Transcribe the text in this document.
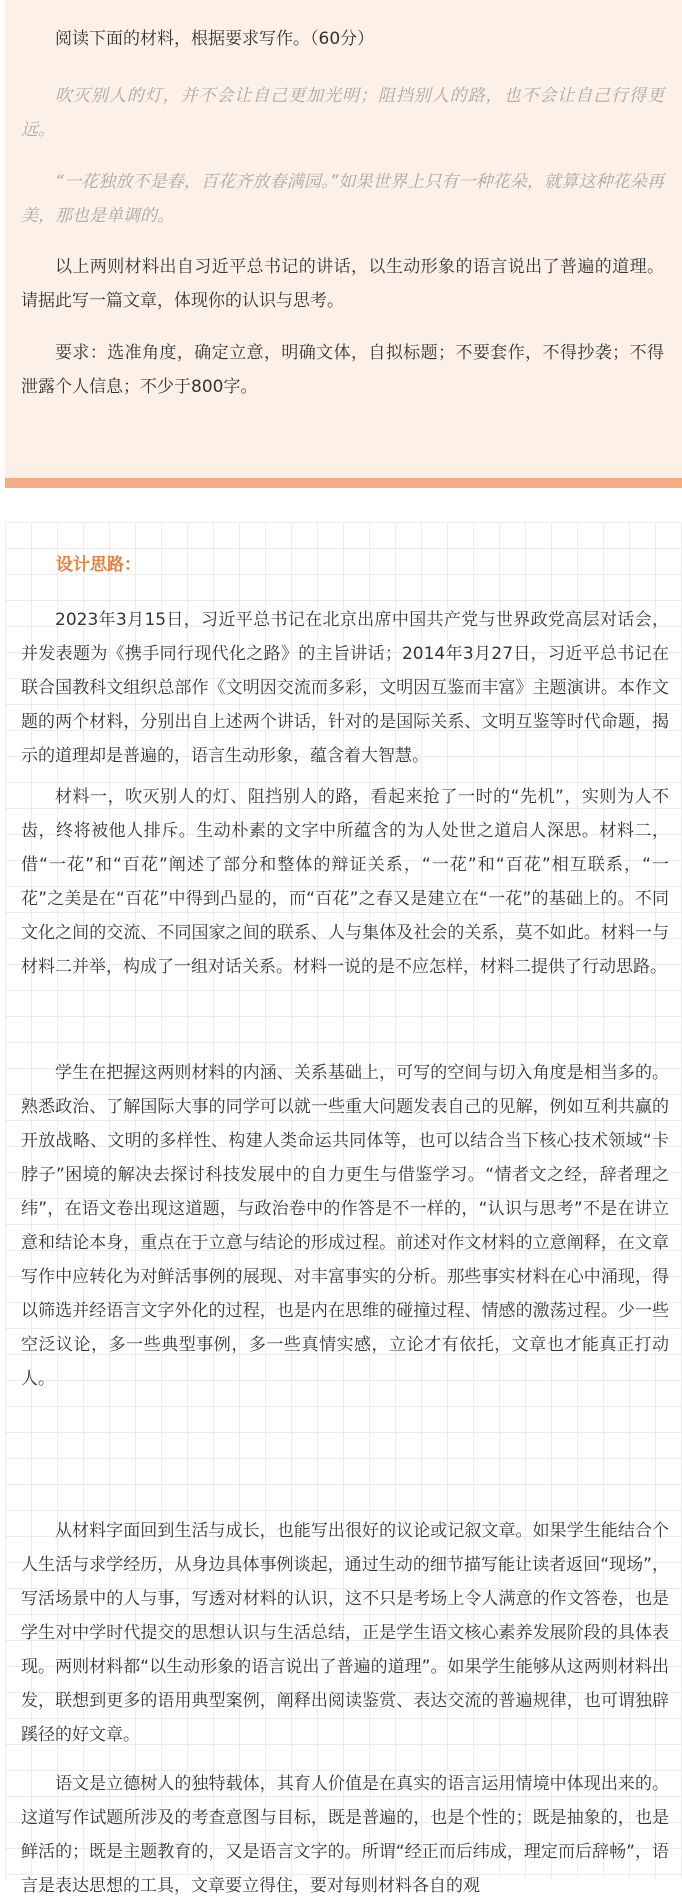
阅读下面的材料，根据要求写作。（60分）

吹灭别人的灯，并不会让自己更加光明；阻挡别人的路，也不会让自己行得更远。

“一花独放不是春，百花齐放春满园。”如果世界上只有一种花朵，就算这种花朵再美，那也是单调的。

以上两则材料出自习近平总书记的讲话，以生动形象的语言说出了普遍的道理。请据此写一篇文章，体现你的认识与思考。

要求：选准角度，确定立意，明确文体，自拟标题；不要套作，不得抄袭；不得泄露个人信息；不少于800字。

设计思路：

2023年3月15日，习近平总书记在北京出席中国共产党与世界政党高层对话会，并发表题为《携手同行现代化之路》的主旨讲话；2014年3月27日，习近平总书记在联合国教科文组织总部作《文明因交流而多彩，文明因互鉴而丰富》主题演讲。本作文题的两个材料，分别出自上述两个讲话，针对的是国际关系、文明互鉴等时代命题，揭示的道理却是普遍的，语言生动形象，蕴含着大智慧。

材料一，吹灭别人的灯、阻挡别人的路，看起来抢了一时的“先机”，实则为人不齿，终将被他人排斥。生动朴素的文字中所蕴含的为人处世之道启人深思。材料二，借“一花”和“百花”阐述了部分和整体的辩证关系，“一花”和“百花”相互联系，“一花”之美是在“百花”中得到凸显的，而“百花”之春又是建立在“一花”的基础上的。不同文化之间的交流、不同国家之间的联系、人与集体及社会的关系，莫不如此。材料一与材料二并举，构成了一组对话关系。材料一说的是不应怎样，材料二提供了行动思路。

学生在把握这两则材料的内涵、关系基础上，可写的空间与切入角度是相当多的。熟悉政治、了解国际大事的同学可以就一些重大问题发表自己的见解，例如互利共赢的开放战略、文明的多样性、构建人类命运共同体等，也可以结合当下核心技术领域“卡脖子”困境的解决去探讨科技发展中的自力更生与借鉴学习。“情者文之经，辞者理之纬”，在语文卷出现这道题，与政治卷中的作答是不一样的，“认识与思考”不是在讲立意和结论本身，重点在于立意与结论的形成过程。前述对作文材料的立意阐释，在文章写作中应转化为对鲜活事例的展现、对丰富事实的分析。那些事实材料在心中涌现，得以筛选并经语言文字外化的过程，也是内在思维的碰撞过程、情感的激荡过程。少一些空泛议论，多一些典型事例，多一些真情实感，立论才有依托，文章也才能真正打动人。

从材料字面回到生活与成长，也能写出很好的议论或记叙文章。如果学生能结合个人生活与求学经历，从身边具体事例谈起，通过生动的细节描写能让读者返回“现场”，写活场景中的人与事，写透对材料的认识，这不只是考场上令人满意的作文答卷，也是学生对中学时代提交的思想认识与生活总结，正是学生语文核心素养发展阶段的具体表现。两则材料都“以生动形象的语言说出了普遍的道理”。如果学生能够从这两则材料出发，联想到更多的语用典型案例，阐释出阅读鉴赏、表达交流的普遍规律，也可谓独辟蹊径的好文章。

语文是立德树人的独特载体，其育人价值是在真实的语言运用情境中体现出来的。这道写作试题所涉及的考查意图与目标，既是普遍的，也是个性的；既是抽象的，也是鲜活的；既是主题教育的，又是语言文字的。所谓“经正而后纬成，理定而后辞畅”，语言是表达思想的工具，文章要立得住，要对每则材料各自的观
